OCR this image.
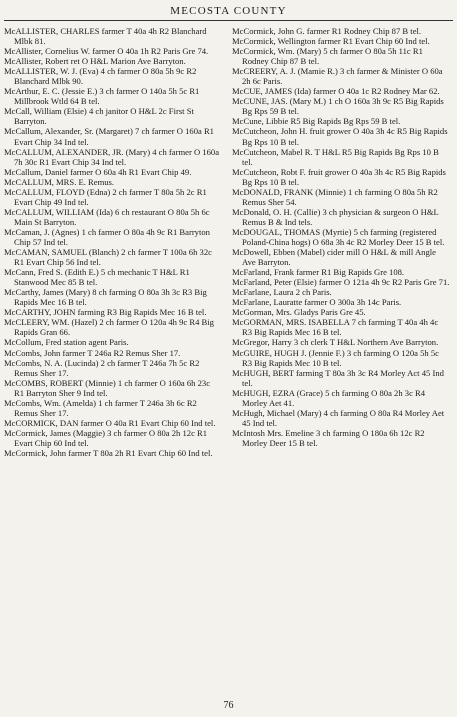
MECOSTA COUNTY

McALLISTER, CHARLES farmer T 40a 4h R2 Blanchard Mlbk 81.

McAllister, Cornelius W. farmer O 40a 1h R2 Paris Gre 74.

McAllister, Robert ret O H&L Marion Ave Barryton.

McALLISTER, W. J. (Eva) 4 ch farmer O 80a 5h 9c R2 Blanchard Mlbk 90.

McArthur, E. C. (Jessie E.) 3 ch farmer O 140a 5h 5c R1 Millbrook Wtld 64 B tel.

McCall, William (Elsie) 4 ch janitor O H&L 2c First St Barryton.

McCallum, Alexander, Sr. (Margaret) 7 ch farmer O 160a R1 Evart Chip 34 Ind tel.

McCALLUM, ALEXANDER, JR. (Mary) 4 ch farmer O 160a 7h 30c R1 Evart Chip 34 Ind tel.

McCallum, Daniel farmer O 60a 4h R1 Evart Chip 49.

McCALLUM, MRS. E. Remus.

McCALLUM, FLOYD (Edna) 2 ch farmer T 80a 5h 2c R1 Evart Chip 49 Ind tel.

McCALLUM, WILLIAM (Ida) 6 ch restaurant O 80a 5h 6c Main St Barryton.

McCaman, J. (Agnes) 1 ch farmer O 80a 4h 9c R1 Barryton Chip 57 Ind tel.

McCAMAN, SAMUEL (Blanch) 2 ch farmer T 100a 6h 32c R1 Evart Chip 56 Ind tel.

McCann, Fred S. (Edith E.) 5 ch mechanic T H&L R1 Stanwood Mec 85 B tel.

McCarthy, James (Mary) 8 ch farming O 80a 3h 3c R3 Big Rapids Mec 16 B tel.

McCARTHY, JOHN farming R3 Big Rapids Mec 16 B tel.

McCLEERY, WM. (Hazel) 2 ch farmer O 120a 4h 9c R4 Big Rapids Gran 66.

McCollum, Fred station agent Paris.

McCombs, John farmer T 246a R2 Remus Sher 17.

McCombs, N. A. (Lucinda) 2 ch farmer T 246a 7h 5c R2 Remus Sher 17.

McCOMBS, ROBERT (Minnie) 1 ch farmer O 160a 6h 23c R1 Barryton Sher 9 Ind tel.

McCombs, Wm. (Amelda) 1 ch farmer T 246a 3h 6c R2 Remus Sher 17.

McCORMICK, DAN farmer O 40a R1 Evart Chip 60 Ind tel.

McCormick, James (Maggie) 3 ch farmer O 80a 2h 12c R1 Evart Chip 60 Ind tel.

McCormick, John farmer T 80a 2h R1 Evart Chip 60 Ind tel.

McCormick, John G. farmer R1 Rodney Chip 87 B tel.

McCormick, Wellington farmer R1 Evart Chip 60 Ind tel.

McCormick, Wm. (Mary) 5 ch farmer O 80a 5h 11c R1 Rodney Chip 87 B tel.

McCREERY, A. J. (Mamie R.) 3 ch farmer & Minister O 60a 2h 6c Paris.

McCUE, JAMES (Ida) farmer O 40a 1c R2 Rodney Mar 62.

McCUNE, JAS. (Mary M.) 1 ch O 160a 3h 9c R5 Big Rapids Bg Rps 59 B tel.

McCune, Libbie R5 Big Rapids Bg Rps 59 B tel.

McCutcheon, John H. fruit grower O 40a 3h 4c R5 Big Rapids Bg Rps 10 B tel.

McCutcheon, Mabel R. T H&L R5 Big Rapids Bg Rps 10 B tel.

McCutcheon, Robt F. fruit grower O 40a 3h 4c R5 Big Rapids Bg Rps 10 B tel.

McDONALD, FRANK (Minnie) 1 ch farming O 80a 5h R2 Remus Sher 54.

McDonald, O. H. (Callie) 3 ch physician & surgeon O H&L Remus B & Ind tels.

McDOUGAL, THOMAS (Myrtie) 5 ch farming (registered Poland-China hogs) O 68a 3h 4c R2 Morley Deer 15 B tel.

McDowell, Ebben (Mabel) cider mill O H&L & mill Angle Ave Barryton.

McFarland, Frank farmer R1 Big Rapids Gre 108.

McFarland, Peter (Elsie) farmer O 121a 4h 9c R2 Paris Gre 71.

McFarlane, Laura 2 ch Paris.

McFarlane, Lauratte farmer O 300a 3h 14c Paris.

McGorman, Mrs. Gladys Paris Gre 45.

McGORMAN, MRS. ISABELLA 7 ch farming T 40a 4h 4c R3 Big Rapids Mec 16 B tel.

McGregor, Harry 3 ch clerk T H&L Northern Ave Barryton.

McGUIRE, HUGH J. (Jennie F.) 3 ch farming O 120a 5h 5c R3 Big Rapids Mec 10 B tel.

McHUGH, BERT farming T 80a 3h 3c R4 Morley Act 45 Ind tel.

McHUGH, EZRA (Grace) 5 ch farming O 80a 2h 3c R4 Morley Aet 41.

McHugh, Michael (Mary) 4 ch farming O 80a R4 Morley Aet 45 Ind tel.

McIntosh Mrs. Emeline 3 ch farming O 180a 6h 12c R2 Morley Deer 15 B tel.

76
